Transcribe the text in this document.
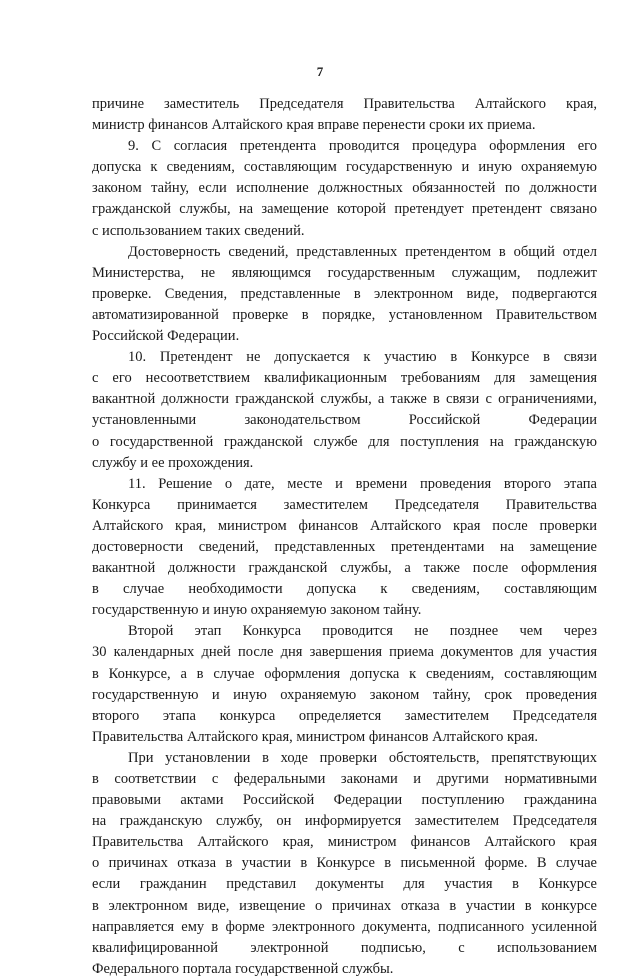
7
причине заместитель Председателя Правительства Алтайского края,
министр финансов Алтайского края вправе перенести сроки их приема.
9. С согласия претендента проводится процедура оформления его
допуска к сведениям, составляющим государственную и иную охраняемую
законом тайну, если исполнение должностных обязанностей по должности
гражданской службы, на замещение которой претендует претендент связано
с использованием таких сведений.
Достоверность сведений, представленных претендентом в общий отдел
Министерства, не являющимся государственным служащим, подлежит
проверке. Сведения, представленные в электронном виде, подвергаются
автоматизированной проверке в порядке, установленном Правительством
Российской Федерации.
10. Претендент не допускается к участию в Конкурсе в связи
с его несоответствием квалификационным требованиям для замещения
вакантной должности гражданской службы, а также в связи с ограничениями,
установленными законодательством Российской Федерации
о государственной гражданской службе для поступления на гражданскую
службу и ее прохождения.
11. Решение о дате, месте и времени проведения второго этапа
Конкурса принимается заместителем Председателя Правительства
Алтайского края, министром финансов Алтайского края после проверки
достоверности сведений, представленных претендентами на замещение
вакантной должности гражданской службы, а также после оформления
в случае необходимости допуска к сведениям, составляющим
государственную и иную охраняемую законом тайну.
Второй этап Конкурса проводится не позднее чем через
30 календарных дней после дня завершения приема документов для участия
в Конкурсе, а в случае оформления допуска к сведениям, составляющим
государственную и иную охраняемую законом тайну, срок проведения
второго этапа конкурса определяется заместителем Председателя
Правительства Алтайского края, министром финансов Алтайского края.
При установлении в ходе проверки обстоятельств, препятствующих
в соответствии с федеральными законами и другими нормативными
правовыми актами Российской Федерации поступлению гражданина
на гражданскую службу, он информируется заместителем Председателя
Правительства Алтайского края, министром финансов Алтайского края
о причинах отказа в участии в Конкурсе в письменной форме. В случае
если гражданин представил документы для участия в Конкурсе
в электронном виде, извещение о причинах отказа в участии в конкурсе
направляется ему в форме электронного документа, подписанного усиленной
квалифицированной электронной подписью, с использованием
Федерального портала государственной службы.
